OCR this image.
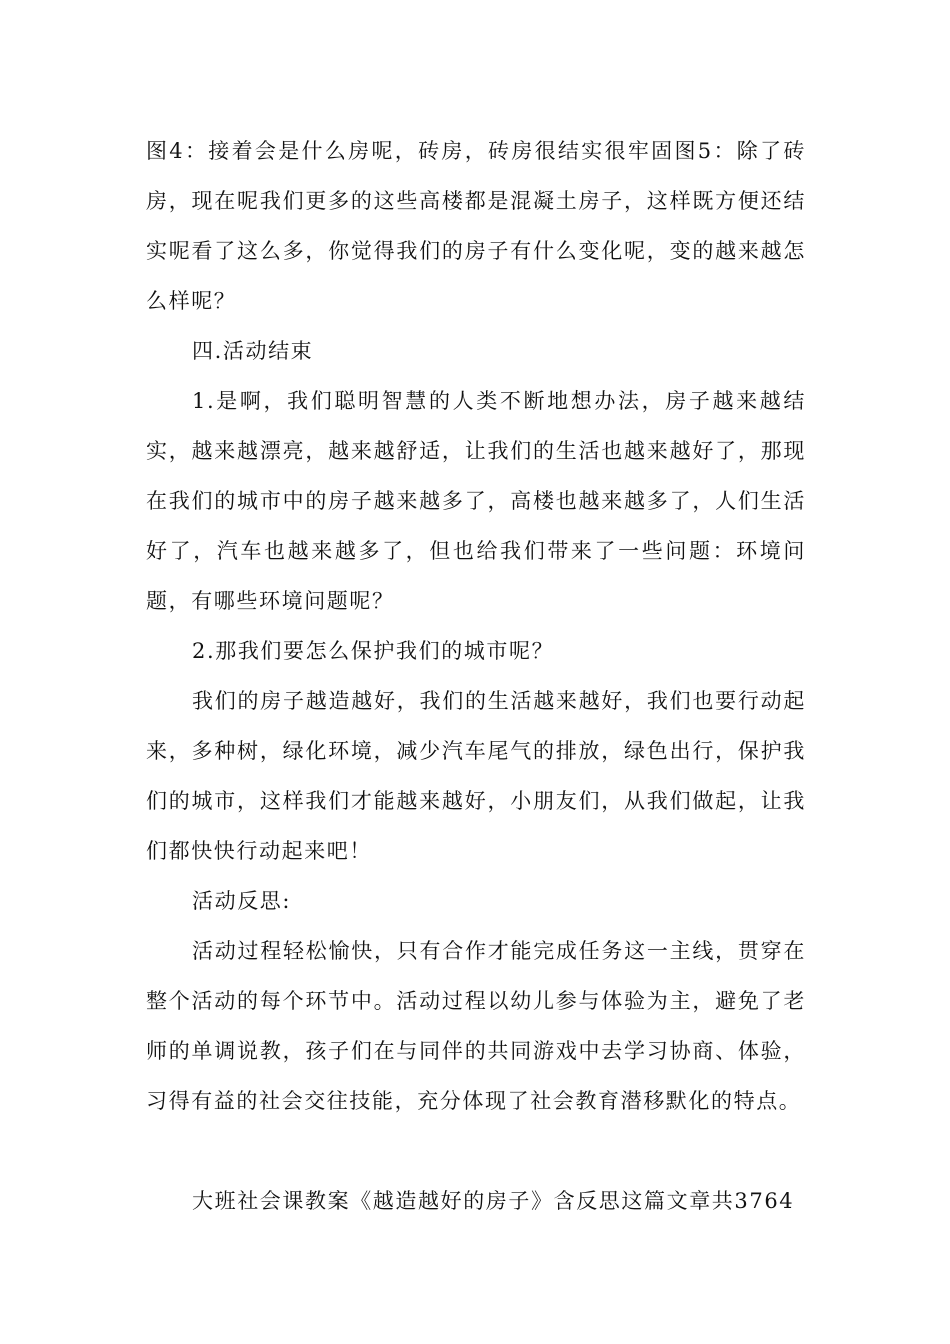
图4：接着会是什么房呢，砖房，砖房很结实很牢固图5：除了砖房，现在呢我们更多的这些高楼都是混凝土房子，这样既方便还结实呢看了这么多，你觉得我们的房子有什么变化呢，变的越来越怎么样呢？

四.活动结束

1.是啊，我们聪明智慧的人类不断地想办法，房子越来越结实，越来越漂亮，越来越舒适，让我们的生活也越来越好了，那现在我们的城市中的房子越来越多了，高楼也越来越多了，人们生活好了，汽车也越来越多了，但也给我们带来了一些问题：环境问题，有哪些环境问题呢？

2.那我们要怎么保护我们的城市呢？

我们的房子越造越好，我们的生活越来越好，我们也要行动起来，多种树，绿化环境，减少汽车尾气的排放，绿色出行，保护我们的城市，这样我们才能越来越好，小朋友们，从我们做起，让我们都快快行动起来吧！

活动反思:

活动过程轻松愉快，只有合作才能完成任务这一主线，贯穿在整个活动的每个环节中。活动过程以幼儿参与体验为主，避免了老师的单调说教，孩子们在与同伴的共同游戏中去学习协商、体验，习得有益的社会交往技能，充分体现了社会教育潜移默化的特点。

大班社会课教案《越造越好的房子》含反思这篇文章共3764
